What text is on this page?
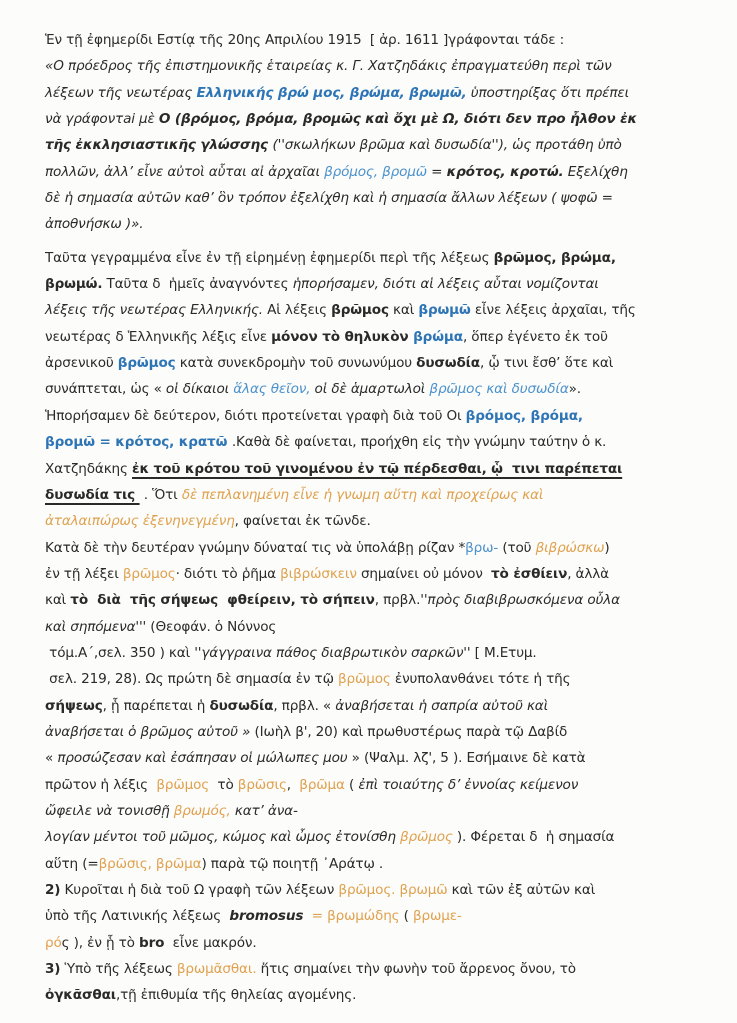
Ἑν τῇ ἐφημερίδι Εστίᾳ τῆς 20ης Απριλίου 1915  [ ἀρ. 1611 ]γράφονται τάδε :
«Ο πρόεδρος τῆς ἐπιστημονικῆς ἑταιρείας κ. Γ. Χατζηδάκις ἐπραγματεύθη περὶ τῶν
λέξεων τῆς νεωτέρας Ελληνικής βρώ μος, βρώμα, βρωμῶ, ὑποστηρίξας ὅτι πρέπει
νὰ γράφοντai μὲ Ο (βρόμος, βρόμα, βρομῶς καὶ ὄχι μὲ Ω, διότι δεν προ ἦλθον ἐκ
τῆς ἐκκλησιαστικῆς γλώσσης (''σκωλήκων βρῶμα καὶ δυσωδία''), ὡς προτάθη ὑπὸ
πολλῶν, ἀλλ’ εἶνε αὐτοὶ αὗται αἱ ἀρχαῖαι βρόμος, βρομῶ = κρότος, κροτώ. Εξελίχθη
δὲ ἡ σημασία αὐτῶν καθ’ ὃν τρόπον ἐξελίχθη καὶ ἡ σημασία ἄλλων λέξεων ( ψοφῶ =
ἀποθνήσκω )».
Ταῦτα γεγραμμένα εἶνε ἐν τῇ εἰρημένῃ ἐφημερίδι περὶ τῆς λέξεως βρῶμος, βρώμα,
βρωμώ. Ταῦτα δ  ἡμεῖς ἀναγνόντες ἡπορήσαμεν, διότι αἱ λέξεις αὗται νομίζονται
λέξεις τῆς νεωτέρας Ελληνικής. Αἱ λέξεις βρῶμος καὶ βρωμῶ εἶνε λέξεις ἀρχαῖαι, τῆς
νεωτέρας δ Ἑλληνικῆς λέξις εἶνε μόνον τὸ θηλυκὸν βρώμα, ὅπερ ἐγένετο ἐκ τοῦ
ἀρσενικοῦ βρῶμος κατὰ συνεκδρομὴν τοῦ συνωνύμου δυσωδία, ᾧ τινι ἔσθ’ ὅτε καὶ
συνάπτεται, ὡς « οἱ δίκαιοι ἅλας θεῖον, οἱ δὲ ἁμαρτωλοὶ βρῶμος καὶ δυσωδία».
Ἡπορήσαμεν δὲ δεύτερον, διότι προτείνεται γραφὴ διὰ τοῦ Οι βρόμος, βρόμα,
βρομῶ = κρότος, κρατῶ .Καθὰ δὲ φαίνεται, προήχθη εἰς τὴν γνώμην ταύτην ὁ κ.
Χατζηδάκης ἐκ τοῦ κρότου τοῦ γινομένου ἐν τῷ πέρδεσθαι, ᾧ  τινι παρέπεται
δυσωδία τις  . Ὅτι δὲ πεπλανημένη εἶνε ἡ γνωμη αὕτη καὶ προχείρως καὶ
ἀταλαιπώρως ἐξενηνεγμένη, φαίνεται ἐκ τῶνδε.
Κατὰ δὲ τὴν δευτέραν γνώμην δύναταί τις νὰ ὑπολάβῃ ρίζαν *βρω- (τοῦ βιβρώσκω)
ἐν τῇ λέξει βρῶμος· διότι τὸ ῥῆμα βιβρώσκειν σημαίνει οὐ μόνον  τὸ ἐσθίειν, ἀλλὰ
καὶ τὸ  διὰ  τῆς σήψεως  φθείρειν, τὸ σήπειν, πρβλ.''πρὸς διαβιβρωσκόμενα οὖλα
καὶ σηπόμενα''' (Θεοφάν. ὁ Νόννος
τόμ.Α΄,σελ. 350 ) καὶ ''γάγγραινα πάθος διαβρωτικὸν σαρκῶν'' [ Μ.Ετυμ.
σελ. 219, 28). Ως πρώτη δὲ σημασία ἐν τῷ βρῶμος ἐνυπολανθάνει τότε ἡ τῆς
σήψεως, ᾗ παρέπεται ἡ δυσωδία, πρβλ. « ἀναβήσεται ἡ σαπρία αὐτοῦ καὶ
ἀναβήσεται ὁ βρῶμος αὐτοῦ » (Ιωὴλ β', 20) καὶ πρωθυστέρως παρὰ τῷ Δαβίδ
« προσώζεσαν καὶ ἐσάπησαν οἱ μώλωπες μου » (Ψαλμ. λζ', 5 ). Εσήμαινε δὲ κατὰ
πρῶτον ἡ λέξις  βρῶμος  τὸ βρῶσις,  βρῶμα ( ἐπὶ τοιαύτης δ’ ἐννοίας κείμενον
ὤφειλε νὰ τονισθῇ βρωμός, κατ’ ἀνα-
λογίαν μέντοι τοῦ μῶμος, κώμος καὶ ὦμος ἐτονίσθη βρῶμος ). Φέρεται δ  ἡ σημασία
αὕτη (=βρῶσις, βρῶμα) παρὰ τῷ ποιητῇ ᾽Αράτῳ .
2) Κυροῖται ἡ διὰ τοῦ Ω γραφὴ τῶν λέξεων βρῶμος. βρωμῶ καὶ τῶν ἐξ αὐτῶν καὶ
ὑπὸ τῆς Λατινικής λέξεως  bromosus = βρωμώδης ( βρωμε-
ρός ), ἐν ᾗ τὸ bro  εἶνε μακρόν.
3) Ὑπὸ τῆς λέξεως βρωμᾶσθαι. ἥτις σημαίνει τὴν φωνὴν τοῦ ἄρρενος ὄνου, τὸ
ὀγκᾶσθαι,τῇ ἐπιθυμία τῆς θηλείας αγομένης.
